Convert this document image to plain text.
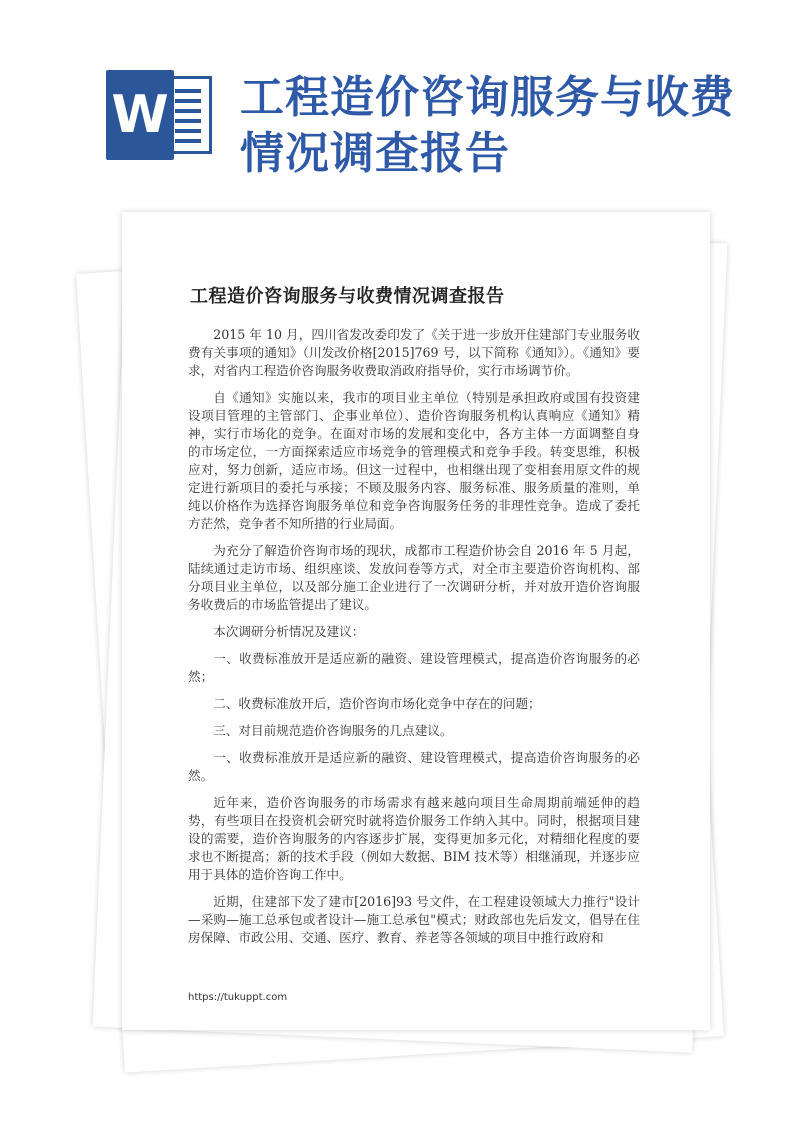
W 工程造价咨询服务与收费情况调查报告
工程造价咨询服务与收费情况调查报告

2015 年 10 月，四川省发改委印发了《关于进一步放开住建部门专业服务收费有关事项的通知》（川发改价格[2015]769 号，以下简称《通知》）。《通知》要求，对省内工程造价咨询服务收费取消政府指导价，实行市场调节价。

自《通知》实施以来，我市的项目业主单位（特别是承担政府或国有投资建设项目管理的主管部门、企事业单位）、造价咨询服务机构认真响应《通知》精神，实行市场化的竞争。在面对市场的发展和变化中，各方主体一方面调整自身的市场定位，一方面探索适应市场竞争的管理模式和竞争手段。转变思维，积极应对，努力创新，适应市场。但这一过程中，也相继出现了变相套用原文件的规定进行新项目的委托与承接；不顾及服务内容、服务标准、服务质量的准则，单纯以价格作为选择咨询服务单位和竞争咨询服务任务的非理性竞争。造成了委托方茫然，竞争者不知所措的行业局面。

为充分了解造价咨询市场的现状，成都市工程造价协会自 2016 年 5 月起，陆续通过走访市场、组织座谈、发放问卷等方式，对全市主要造价咨询机构、部分项目业主单位，以及部分施工企业进行了一次调研分析，并对放开造价咨询服务收费后的市场监管提出了建议。

本次调研分析情况及建议：

一、收费标准放开是适应新的融资、建设管理模式，提高造价咨询服务的必然；

二、收费标准放开后，造价咨询市场化竞争中存在的问题；

三、对目前规范造价咨询服务的几点建议。

一、收费标准放开是适应新的融资、建设管理模式，提高造价咨询服务的必然。

近年来，造价咨询服务的市场需求有越来越向项目生命周期前端延伸的趋势，有些项目在投资机会研究时就将造价服务工作纳入其中。同时，根据项目建设的需要，造价咨询服务的内容逐步扩展，变得更加多元化，对精细化程度的要求也不断提高；新的技术手段（例如大数据、BIM 技术等）相继涌现，并逐步应用于具体的造价咨询工作中。

近期，住建部下发了建市[2016]93 号文件，在工程建设领域大力推行"设计—采购—施工总承包或者设计—施工总承包"模式；财政部也先后发文，倡导在住房保障、市政公用、交通、医疗、教育、养老等各领域的项目中推行政府和

https://tukuppt.com
